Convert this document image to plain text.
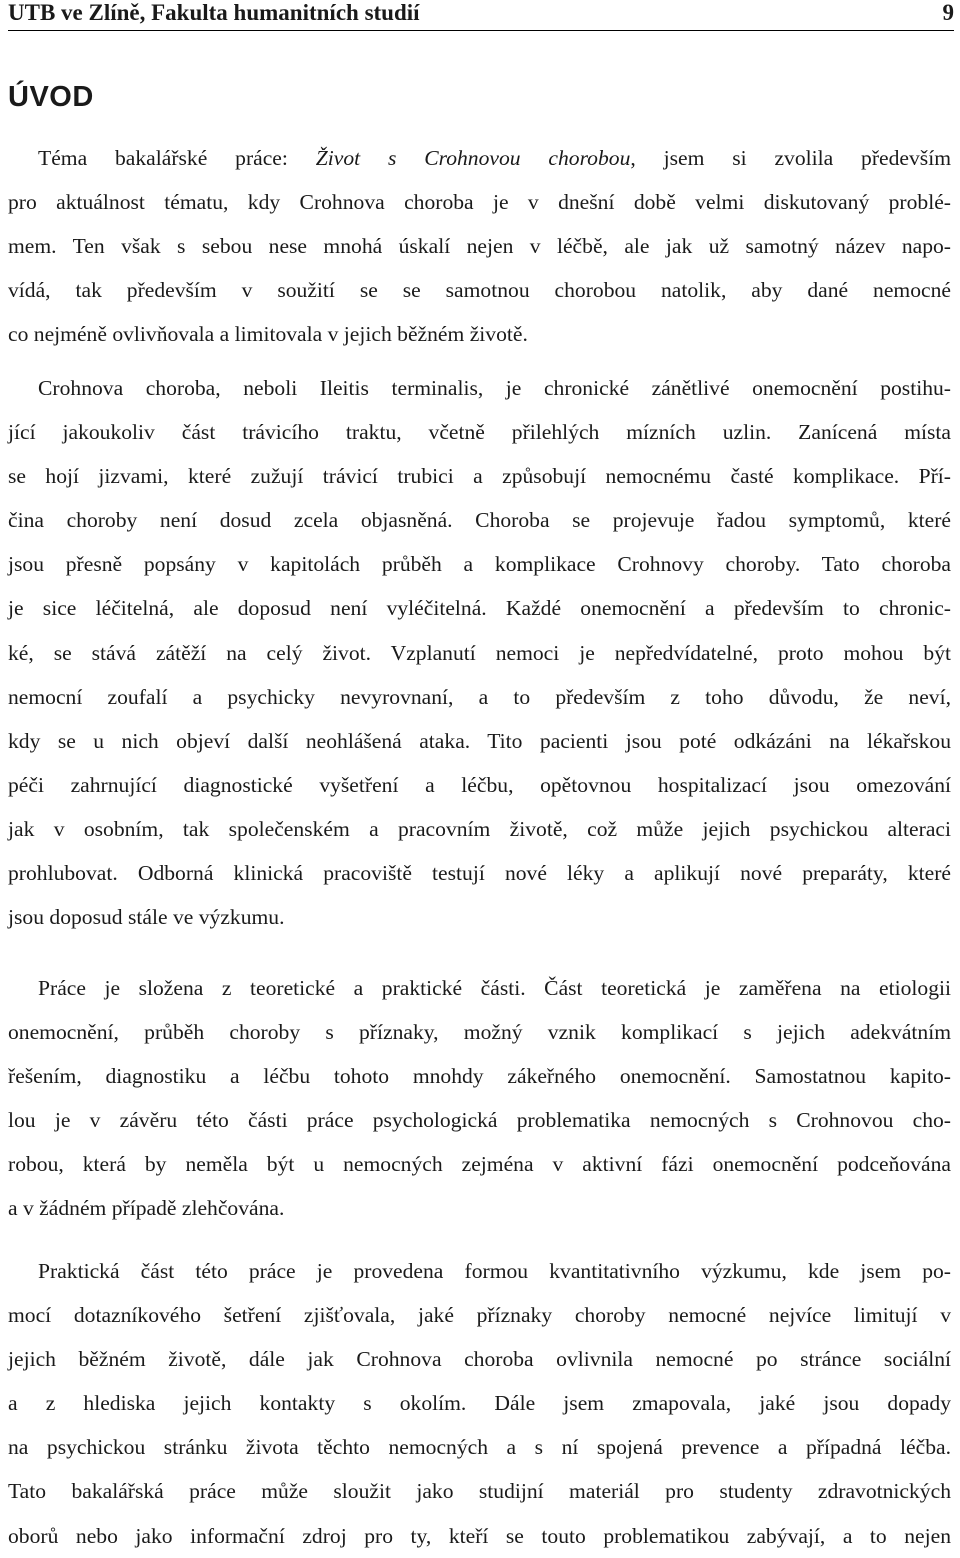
UTB ve Zlíně, Fakulta humanitních studií	9
ÚVOD
Téma bakalářské práce: Život s Crohnovou chorobou, jsem si zvolila především
pro aktuálnost tématu, kdy Crohnova choroba je v dnešní době velmi diskutovaný problé-
mem. Ten však s sebou nese mnohá úskalí nejen v léčbě, ale jak už samotný název napo-
vídá, tak především v soužití se se samotnou chorobou natolik, aby dané nemocné
co nejméně ovlivňovala a limitovala v jejich běžném životě.
Crohnova choroba, neboli Ileitis terminalis, je chronické zánětlivé onemocnění postihu-
jící jakoukoliv část trávicího traktu, včetně přilehlých mízních uzlin. Zanícená místa
se hojí jizvami, které zužují trávicí trubici a způsobují nemocnému časté komplikace. Pří-
čina choroby není dosud zcela objasněná. Choroba se projevuje řadou symptomů, které
jsou přesně popsány v kapitolách průběh a komplikace Crohnovy choroby. Tato choroba
je sice léčitelná, ale doposud není vyléčitelná. Každé onemocnění a především to chronic-
ké, se stává zátěží na celý život. Vzplanutí nemoci je nepředvídatelné, proto mohou být
nemocní zoufalí a psychicky nevyrovnaní, a to především z toho důvodu, že neví,
kdy se u nich objeví další neohlášená ataka. Tito pacienti jsou poté odkázáni na lékařskou
péči zahrnující diagnostické vyšetření a léčbu, opětovnou hospitalizací jsou omezování
jak v osobním, tak společenském a pracovním životě, což může jejich psychickou alteraci
prohlubovat. Odborná klinická pracoviště testují nové léky a aplikují nové preparáty, které
jsou doposud stále ve výzkumu.
Práce je složena z teoretické a praktické části. Část teoretická je zaměřena na etiologii
onemocnění, průběh choroby s příznaky, možný vznik komplikací s jejich adekvátním
řešením, diagnostiku a léčbu tohoto mnohdy zákeřného onemocnění. Samostatnou kapito-
lou je v závěru této části práce psychologická problematika nemocných s Crohnovou cho-
robou, která by neměla být u nemocných zejména v aktivní fázi onemocnění podceňována
a v žádném případě zlehčována.
Praktická část této práce je provedena formou kvantitativního výzkumu, kde jsem po-
mocí dotazníkového šetření zjišťovala, jaké příznaky choroby nemocné nejvíce limitují v
jejich běžném životě, dále jak Crohnova choroba ovlivnila nemocné po stránce sociální
a z hlediska jejich kontakty s okolím. Dále jsem zmapovala, jaké jsou dopady
na psychickou stránku života těchto nemocných a s ní spojená prevence a případná léčba.
Tato bakalářská práce může sloužit jako studijní materiál pro studenty zdravotnických
oborů nebo jako informační zdroj pro ty, kteří se touto problematikou zabývají, a to nejen
